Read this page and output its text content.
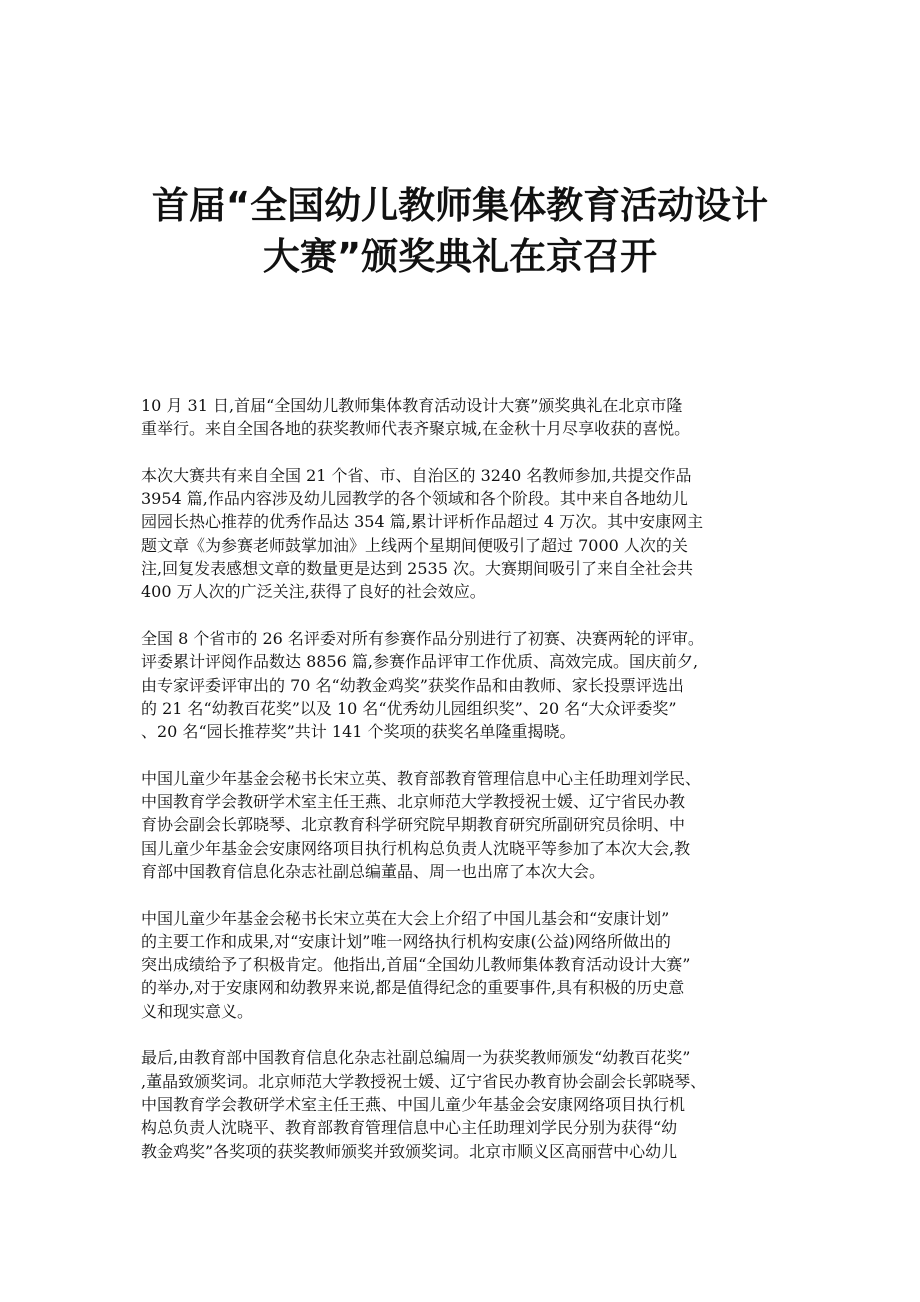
首届“全国幼儿教师集体教育活动设计
大赛”颁奖典礼在京召开

10 月 31 日,首届“全国幼儿教师集体教育活动设计大赛”颁奖典礼在北京市隆
重举行。来自全国各地的获奖教师代表齐聚京城,在金秋十月尽享收获的喜悦。

本次大赛共有来自全国 21 个省、市、自治区的 3240 名教师参加,共提交作品
3954 篇,作品内容涉及幼儿园教学的各个领域和各个阶段。其中来自各地幼儿
园园长热心推荐的优秀作品达 354 篇,累计评析作品超过 4 万次。其中安康网主
题文章《为参赛老师鼓掌加油》上线两个星期间便吸引了超过 7000 人次的关
注,回复发表感想文章的数量更是达到 2535 次。大赛期间吸引了来自全社会共
400 万人次的广泛关注,获得了良好的社会效应。

全国 8 个省市的 26 名评委对所有参赛作品分别进行了初赛、决赛两轮的评审。
评委累计评阅作品数达 8856 篇,参赛作品评审工作优质、高效完成。国庆前夕,
由专家评委评审出的 70 名“幼教金鸡奖”获奖作品和由教师、家长投票评选出
的 21 名“幼教百花奖”以及 10 名“优秀幼儿园组织奖”、20 名“大众评委奖”
、20 名“园长推荐奖”共计 141 个奖项的获奖名单隆重揭晓。

中国儿童少年基金会秘书长宋立英、教育部教育管理信息中心主任助理刘学民、
中国教育学会教研学术室主任王燕、北京师范大学教授祝士媛、辽宁省民办教
育协会副会长郭晓琴、北京教育科学研究院早期教育研究所副研究员徐明、中
国儿童少年基金会安康网络项目执行机构总负责人沈晓平等参加了本次大会,教
育部中国教育信息化杂志社副总编董晶、周一也出席了本次大会。

中国儿童少年基金会秘书长宋立英在大会上介绍了中国儿基会和“安康计划”
的主要工作和成果,对“安康计划”唯一网络执行机构安康(公益)网络所做出的
突出成绩给予了积极肯定。他指出,首届“全国幼儿教师集体教育活动设计大赛”
的举办,对于安康网和幼教界来说,都是值得纪念的重要事件,具有积极的历史意
义和现实意义。

最后,由教育部中国教育信息化杂志社副总编周一为获奖教师颁发“幼教百花奖”
,董晶致颁奖词。北京师范大学教授祝士媛、辽宁省民办教育协会副会长郭晓琴、
中国教育学会教研学术室主任王燕、中国儿童少年基金会安康网络项目执行机
构总负责人沈晓平、教育部教育管理信息中心主任助理刘学民分别为获得“幼
教金鸡奖”各奖项的获奖教师颁奖并致颁奖词。北京市顺义区高丽营中心幼儿
